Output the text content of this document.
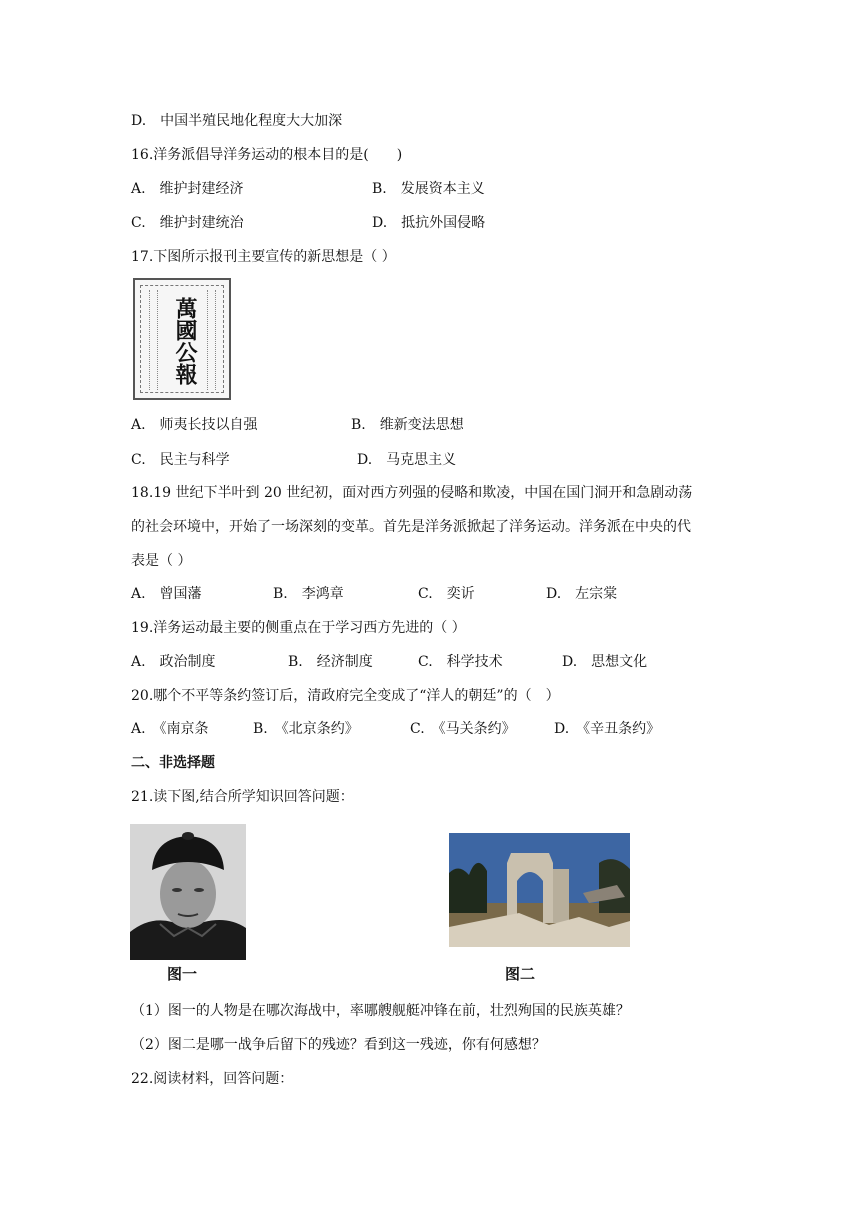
D.　中国半殖民地化程度大大加深
16.洋务派倡导洋务运动的根本目的是(　　)
A.　维护封建经济	B.　发展资本主义
C.　维护封建统治	D.　抵抗外国侵略
17.下图所示报刊主要宣传的新思想是（ ）
萬國公報
A.　师夷长技以自强	B.　维新变法思想
C.　民主与科学	D.　马克思主义
18.19 世纪下半叶到 20 世纪初，面对西方列强的侵略和欺凌，中国在国门洞开和急剧动荡
的社会环境中，开始了一场深刻的变革。首先是洋务派掀起了洋务运动。洋务派在中央的代
表是（ ）
A.　曾国藩	B.　李鸿章	C.　奕䜣	D.　左宗棠
19.洋务运动最主要的侧重点在于学习西方先进的（ ）
A.　政治制度	B.　经济制度	C.　科学技术	D.　思想文化
20.哪个不平等条约签订后，清政府完全变成了“洋人的朝廷”的（　）
A.　《南京条	B.　《北京条约》	C.　《马关条约》	D.　《辛丑条约》
二、非选择题
21.读下图,结合所学知识回答问题：
图一	图二
（1）图一的人物是在哪次海战中，率哪艘舰艇冲锋在前，壮烈殉国的民族英雄？
（2）图二是哪一战争后留下的残迹？看到这一残迹，你有何感想？
22.阅读材料，回答问题：
